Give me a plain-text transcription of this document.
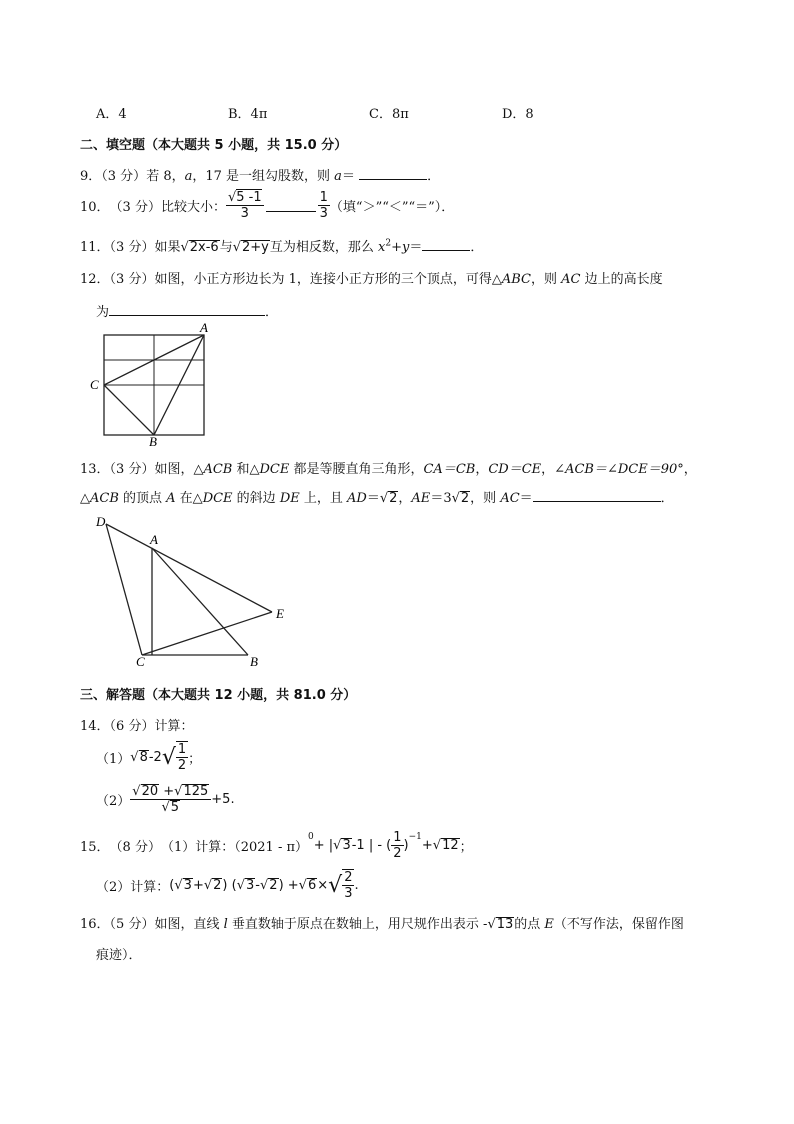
A．4	B．4π	C．8π	D．8
二、填空题（本大题共 5 小题，共 15.0 分）
9．（3 分）若 8，a，17 是一组勾股数，则 a＝	．
10． （3 分） 比较大小： $\frac{√5 -1}{3}$	$\frac{1}{3}$ （填“＞”“＜”“＝”）．
11．（3 分）如果√2x-6与√2+y互为相反数，那么 $x^2+y=$	．
12．（3 分）如图，小正方形边长为 1，连接小正方形的三个顶点，可得△ABC，则 AC 边上的高长度
为	．
A
B
C
13．（3 分）如图，△ACB 和△DCE 都是等腰直角三角形，CA＝CB，CD＝CE，∠ACB＝∠DCE＝90°，
△ACB 的顶点 A 在△DCE 的斜边 DE 上，且 AD＝√2，AE＝3√2，则 AC＝	．
D
A
E
C	B
三、解答题（本大题共 12 小题，共 81.0 分）
14．（6 分）计算：
（1） √ 8 -2 √ $\frac{1}{2}$ ；
$(2) \frac{√20 +√125}{√5} +5$.
15． （8 分） （1）计算：（2021 - π）
$^0$
+ | √ 3 -1 | - ( $\frac{1}{2}$ )
$^{-1}$
+ √ 12 ；
（2）计算： ( √ 3 + √ 2 ) ( √ 3 - √ 2 ) + √ 6 × √ $\frac{2}{3}$ .
16．（5 分）如图，直线 l 垂直数轴于原点在数轴上，用尺规作出表示 -√13的点 E（不写作法，保留作图
痕迹）．
